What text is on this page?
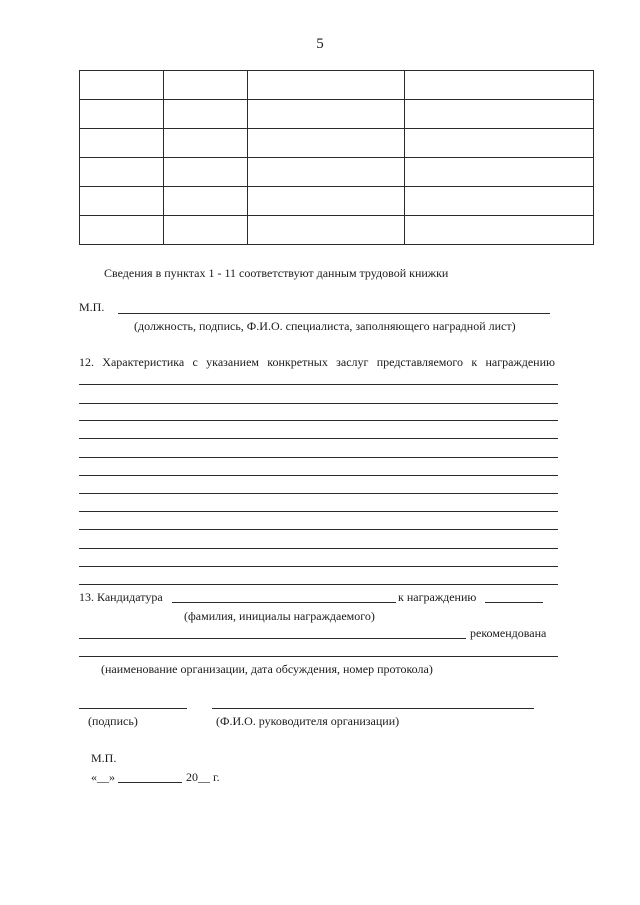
5

Сведения в пунктах 1 - 11 соответствуют данным трудовой книжки
М.П.
(должность, подпись, Ф.И.О. специалиста, заполняющего наградной лист)
12. Характеристика с указанием конкретных заслуг представляемого к награждению
13. Кандидатура	к награждению
(фамилия, инициалы награждаемого)
рекомендована
(наименование организации, дата обсуждения, номер протокола)
(подпись)	(Ф.И.О. руководителя организации)
М.П.
«__»	20__ г.
